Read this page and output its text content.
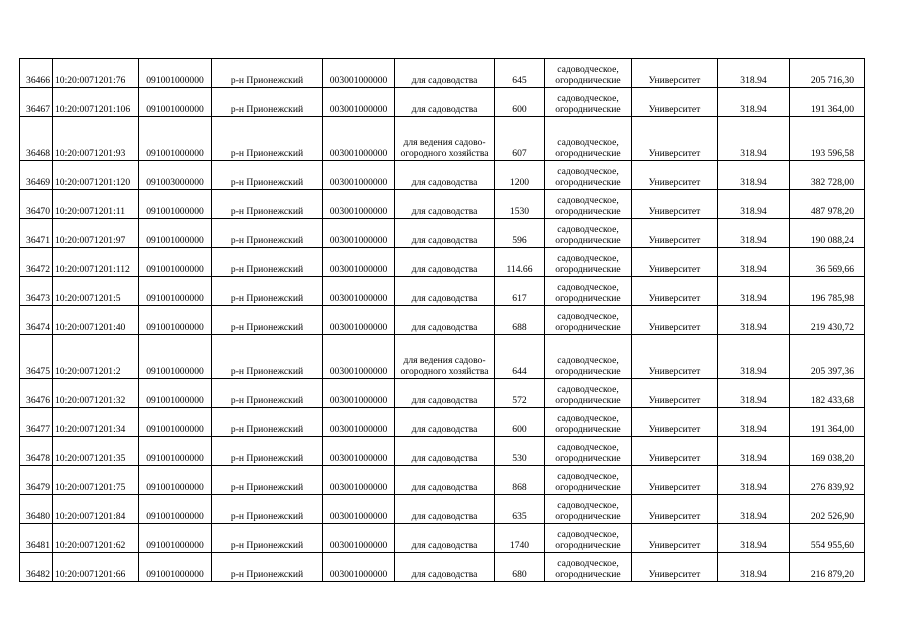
36466	10:20:0071201:76	091001000000	р-н Прионежский	003001000000	для садоводства	645	садоводческое, огороднические	Университет	318.94	205 716,30
36467	10:20:0071201:106	091001000000	р-н Прионежский	003001000000	для садоводства	600	садоводческое, огороднические	Университет	318.94	191 364,00
36468	10:20:0071201:93	091001000000	р-н Прионежский	003001000000	для ведения садово-огородного хозяйства	607	садоводческое, огороднические	Университет	318.94	193 596,58
36469	10:20:0071201:120	091003000000	р-н Прионежский	003001000000	для садоводства	1200	садоводческое, огороднические	Университет	318.94	382 728,00
36470	10:20:0071201:11	091001000000	р-н Прионежский	003001000000	для садоводства	1530	садоводческое, огороднические	Университет	318.94	487 978,20
36471	10:20:0071201:97	091001000000	р-н Прионежский	003001000000	для садоводства	596	садоводческое, огороднические	Университет	318.94	190 088,24
36472	10:20:0071201:112	091001000000	р-н Прионежский	003001000000	для садоводства	114.66	садоводческое, огороднические	Университет	318.94	36 569,66
36473	10:20:0071201:5	091001000000	р-н Прионежский	003001000000	для садоводства	617	садоводческое, огороднические	Университет	318.94	196 785,98
36474	10:20:0071201:40	091001000000	р-н Прионежский	003001000000	для садоводства	688	садоводческое, огороднические	Университет	318.94	219 430,72
36475	10:20:0071201:2	091001000000	р-н Прионежский	003001000000	для ведения садово-огородного хозяйства	644	садоводческое, огороднические	Университет	318.94	205 397,36
36476	10:20:0071201:32	091001000000	р-н Прионежский	003001000000	для садоводства	572	садоводческое, огороднические	Университет	318.94	182 433,68
36477	10:20:0071201:34	091001000000	р-н Прионежский	003001000000	для садоводства	600	садоводческое, огороднические	Университет	318.94	191 364,00
36478	10:20:0071201:35	091001000000	р-н Прионежский	003001000000	для садоводства	530	садоводческое, огороднические	Университет	318.94	169 038,20
36479	10:20:0071201:75	091001000000	р-н Прионежский	003001000000	для садоводства	868	садоводческое, огороднические	Университет	318.94	276 839,92
36480	10:20:0071201:84	091001000000	р-н Прионежский	003001000000	для садоводства	635	садоводческое, огороднические	Университет	318.94	202 526,90
36481	10:20:0071201:62	091001000000	р-н Прионежский	003001000000	для садоводства	1740	садоводческое, огороднические	Университет	318.94	554 955,60
36482	10:20:0071201:66	091001000000	р-н Прионежский	003001000000	для садоводства	680	садоводческое, огороднические	Университет	318.94	216 879,20
